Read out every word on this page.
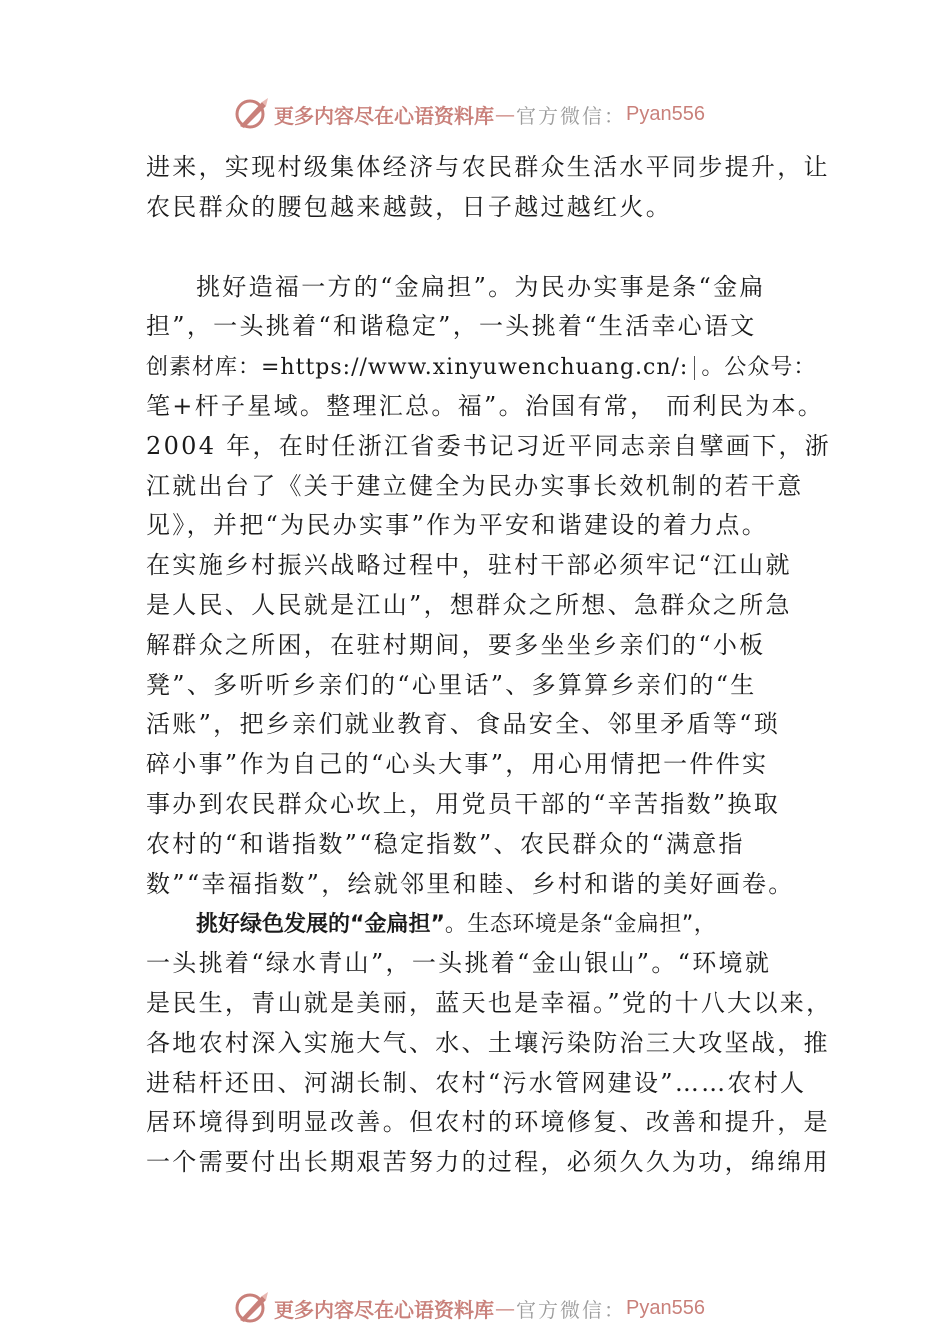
更多内容尽在心语资料库 — 官方微信： Pyan556
进来，实现村级集体经济与农民群众生活水平同步提升，让
农民群众的腰包越来越鼓，日子越过越红火。
挑好造福一方的“金扁担”。为民办实事是条“金扁
担”，一头挑着“和谐稳定”，一头挑着“生活幸心语文
创素材库：=https://www.xinyuwenchuang.cn/: 。公众号：
笔+杆子星域。整理汇总。福”。治国有常， 而利民为本。
2004 年，在时任浙江省委书记习近平同志亲自擘画下，浙
江就出台了《关于建立健全为民办实事长效机制的若干意
见》，并把“为民办实事”作为平安和谐建设的着力点。
在实施乡村振兴战略过程中，驻村干部必须牢记“江山就
是人民、人民就是江山”，想群众之所想、急群众之所急
解群众之所困，在驻村期间，要多坐坐乡亲们的“小板
凳”、多听听乡亲们的“心里话”、多算算乡亲们的“生
活账”，把乡亲们就业教育、食品安全、邻里矛盾等“琐
碎小事”作为自己的“心头大事”，用心用情把一件件实
事办到农民群众心坎上，用党员干部的“辛苦指数”换取
农村的“和谐指数”“稳定指数”、农民群众的“满意指
数”“幸福指数”，绘就邻里和睦、乡村和谐的美好画卷。
挑好绿色发展的“金扁担”。生态环境是条“金扁担”，
一头挑着“绿水青山”，一头挑着“金山银山”。“环境就
是民生，青山就是美丽，蓝天也是幸福。”党的十八大以来，
各地农村深入实施大气、水、土壤污染防治三大攻坚战，推
进秸杆还田、河湖长制、农村“污水管网建设”……农村人
居环境得到明显改善。但农村的环境修复、改善和提升，是
一个需要付出长期艰苦努力的过程，必须久久为功，绵绵用
更多内容尽在心语资料库 — 官方微信： Pyan556
